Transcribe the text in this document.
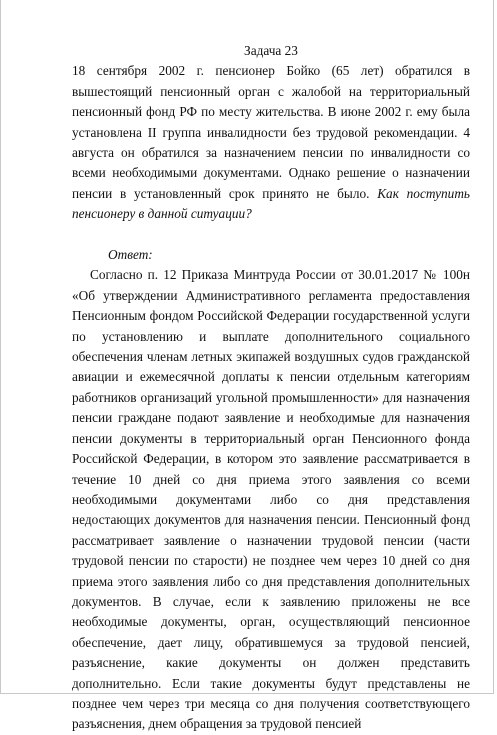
Задача 23

18 сентября 2002 г. пенсионер Бойко (65 лет) обратился в вышестоящий пенсионный орган с жалобой на территориальный пенсионный фонд РФ по месту жительства. В июне 2002 г. ему была установлена II группа инвалидности без трудовой рекомендации. 4 августа он обратился за назначением пенсии по инвалидности со всеми необходимыми документами. Однако решение о назначении пенсии в установленный срок принято не было. Как поступить пенсионеру в данной ситуации?

Ответ:

Согласно п. 12 Приказа Минтруда России от 30.01.2017 № 100н «Об утверждении Административного регламента предоставления Пенсионным фондом Российской Федерации государственной услуги по установлению и выплате дополнительного социального обеспечения членам летных экипажей воздушных судов гражданской авиации и ежемесячной доплаты к пенсии отдельным категориям работников организаций угольной промышленности» для назначения пенсии граждане подают заявление и необходимые для назначения пенсии документы в территориальный орган Пенсионного фонда Российской Федерации, в котором это заявление рассматривается в течение 10 дней со дня приема этого заявления со всеми необходимыми документами либо со дня представления недостающих документов для назначения пенсии. Пенсионный фонд рассматривает заявление о назначении трудовой пенсии (части трудовой пенсии по старости) не позднее чем через 10 дней со дня приема этого заявления либо со дня представления дополнительных документов. В случае, если к заявлению приложены не все необходимые документы, орган, осуществляющий пенсионное обеспечение, дает лицу, обратившемуся за трудовой пенсией, разъяснение, какие документы он должен представить дополнительно. Если такие документы будут представлены не позднее чем через три месяца со дня получения соответствующего разъяснения, днем обращения за трудовой пенсией
